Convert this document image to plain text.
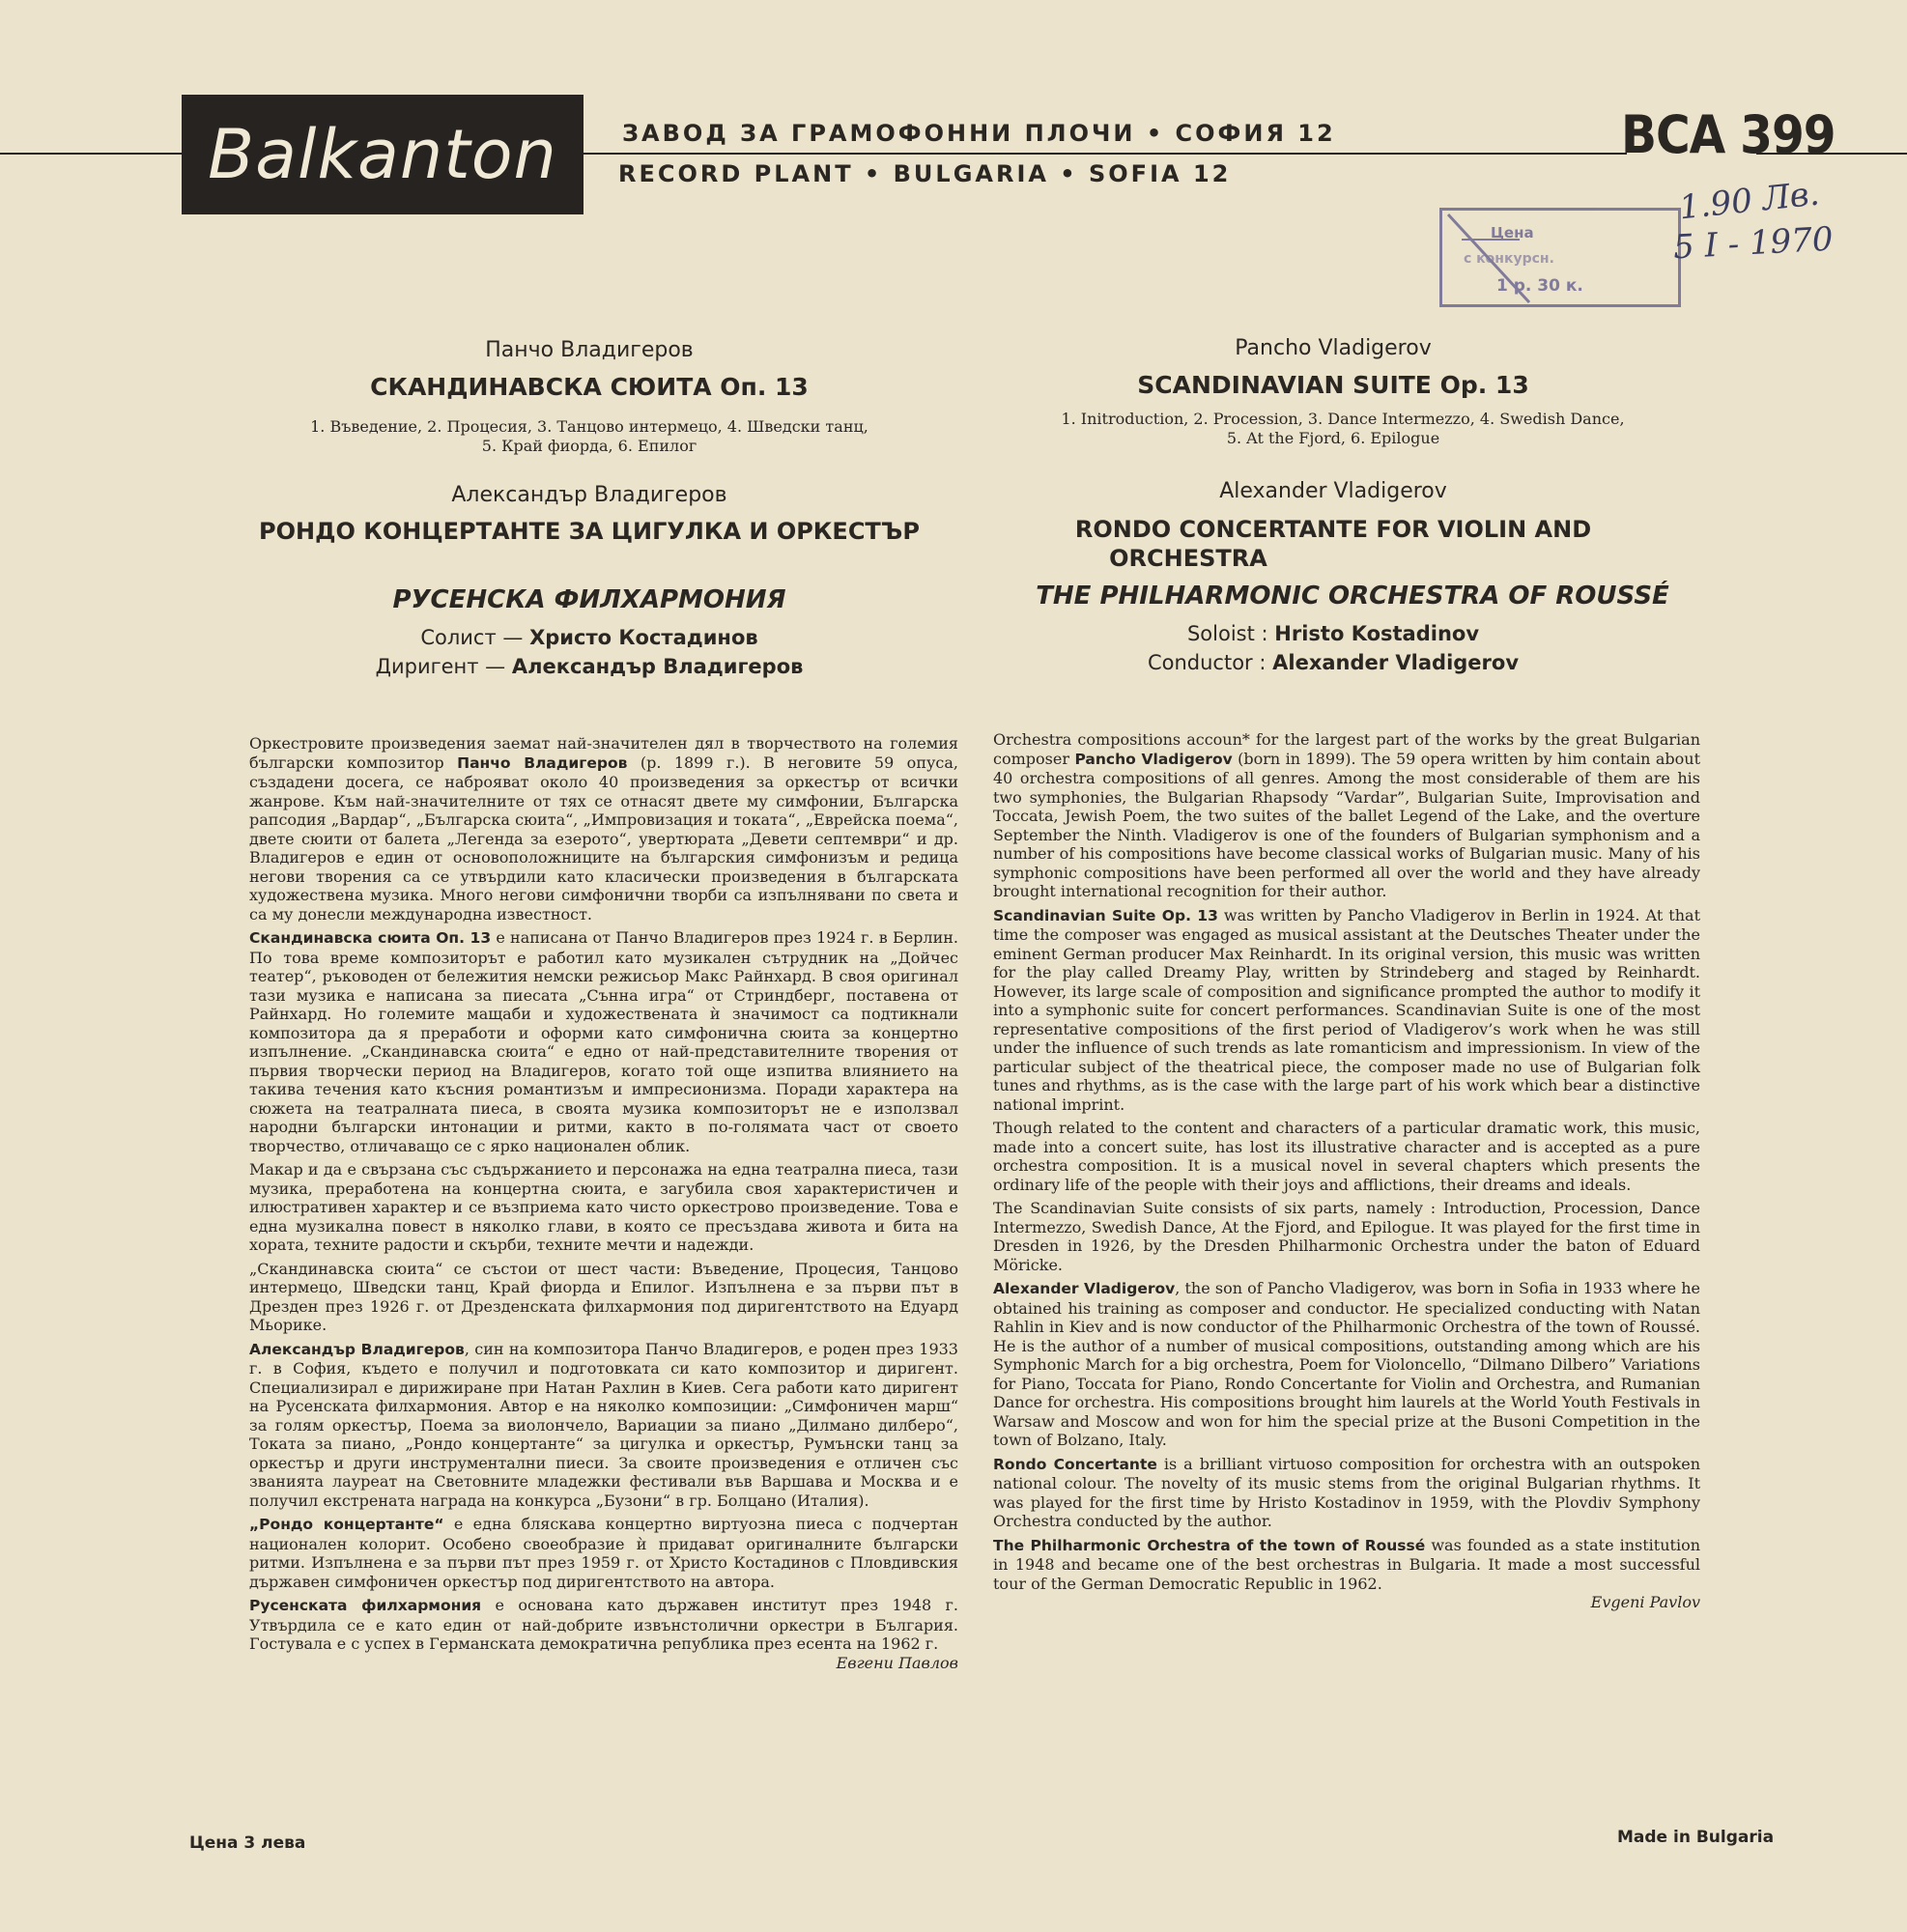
Balkanton	ЗАВОД ЗА ГРАМОФОННИ ПЛОЧИ • СОФИЯ 12
RECORD PLANT • BULGARIA • SOFIA 12
BCA 399
Цена
с конкурсн.
1 р. 30 к.
1.90 Лв.
5 I - 1970
Панчо Владигеров
СКАНДИНАВСКА СЮИТА Оп. 13
1. Въведение, 2. Процесия, 3. Танцово интермецо, 4. Шведски танц,
5. Край фиорда, 6. Епилог
Александър Владигеров
РОНДО КОНЦЕРТАНТЕ ЗА ЦИГУЛКА И ОРКЕСТЪР
РУСЕНСКА ФИЛХАРМОНИЯ
Солист — Христо Костадинов
Диригент — Александър Владигеров
Pancho Vladigerov
SCANDINAVIAN SUITE Op. 13
1. Initroduction, 2. Procession, 3. Dance Intermezzo, 4. Swedish Dance,
5. At the Fjord, 6. Epilogue
Alexander Vladigerov
RONDO CONCERTANTE FOR VIOLIN AND
ORCHESTRA
THE PHILHARMONIC ORCHESTRA OF ROUSSÉ
Soloist : Hristo Kostadinov
Conductor : Alexander Vladigerov

Оркестровите произведения заемат най-значителен дял в творчеството на големия български композитор Панчо Владигеров (р. 1899 г.). В неговите 59 опуса, създадени досега, се наброяват около 40 произведения за оркестър от всички жанрове. Към най-значителните от тях се отнасят двете му симфонии, Българска рапсодия „Вардар“, „Българска сюита“, „Импровизация и токата“, „Еврейска поема“, двете сюити от балета „Легенда за езерото“, увертюрата „Девети септември“ и др. Владигеров е един от основоположниците на българския симфонизъм и редица негови творения са се утвърдили като класически произведения в българската художествена музика. Много негови симфонични творби са изпълнявани по света и са му донесли международна известност.

Скандинавска сюита Оп. 13 е написана от Панчо Владигеров през 1924 г. в Берлин. По това време композиторът е работил като музикален сътрудник на „Дойчес театер“, ръководен от бележития немски режисьор Макс Райнхард. В своя оригинал тази музика е написана за пиесата „Сънна игра“ от Стриндберг, поставена от Райнхард. Но големите мащаби и художествената ѝ значимост са подтикнали композитора да я преработи и оформи като симфонична сюита за концертно изпълнение. „Скандинавска сюита“ е едно от най-представителните творения от първия творчески период на Владигеров, когато той още изпитва влиянието на такива течения като късния романтизъм и импресионизма. Поради характера на сюжета на театралната пиеса, в своята музика композиторът не е използвал народни български интонации и ритми, както в по-голямата част от своето творчество, отличаващо се с ярко национален облик.

Макар и да е свързана със съдържанието и персонажа на една театрална пиеса, тази музика, преработена на концертна сюита, е загубила своя характеристичен и илюстративен характер и се възприема като чисто оркестрово произведение. Това е една музикална повест в няколко глави, в която се пресъздава живота и бита на хората, техните радости и скърби, техните мечти и надежди.

„Скандинавска сюита“ се състои от шест части: Въведение, Процесия, Танцово интермецо, Шведски танц, Край фиорда и Епилог. Изпълнена е за първи път в Дрезден през 1926 г. от Дрезденската филхармония под диригентството на Едуард Мьорике.

Александър Владигеров, син на композитора Панчо Владигеров, е роден през 1933 г. в София, където е получил и подготовката си като композитор и диригент. Специализирал е дирижиране при Натан Рахлин в Киев. Сега работи като диригент на Русенската филхармония. Автор е на няколко композиции: „Симфоничен марш“ за голям оркестър, Поема за виолончело, Вариации за пиано „Дилмано дилберо“, Токата за пиано, „Рондо концертанте“ за цигулка и оркестър, Румънски танц за оркестър и други инструментални пиеси. За своите произведения е отличен със званията лауреат на Световните младежки фестивали във Варшава и Москва и е получил екстрената награда на конкурса „Бузони“ в гр. Болцано (Италия).

„Рондо концертанте“ е една бляскава концертно виртуозна пиеса с подчертан национален колорит. Особено своеобразие ѝ придават оригиналните български ритми. Изпълнена е за първи път през 1959 г. от Христо Костадинов с Пловдивския държавен симфоничен оркестър под диригентството на автора.

Русенската филхармония е основана като държавен институт през 1948 г. Утвърдила се е като един от най-добрите извънстолични оркестри в България. Гостувала е с успех в Германската демократична република през есента на 1962 г.

Евгени Павлов

Orchestra compositions accoun* for the largest part of the works by the great Bulgarian composer Pancho Vladigerov (born in 1899). The 59 opera written by him contain about 40 orchestra compositions of all genres. Among the most considerable of them are his two symphonies, the Bulgarian Rhapsody “Vardar”, Bulgarian Suite, Improvisation and Toccata, Jewish Poem, the two suites of the ballet Legend of the Lake, and the overture September the Ninth. Vladigerov is one of the founders of Bulgarian symphonism and a number of his compositions have become classical works of Bulgarian music. Many of his symphonic compositions have been performed all over the world and they have already brought international recognition for their author.

Scandinavian Suite Op. 13 was written by Pancho Vladigerov in Berlin in 1924. At that time the composer was engaged as musical assistant at the Deutsches Theater under the eminent German producer Max Reinhardt. In its original version, this music was written for the play called Dreamy Play, written by Strindeberg and staged by Reinhardt. However, its large scale of composition and significance prompted the author to modify it into a symphonic suite for concert performances. Scandinavian Suite is one of the most representative compositions of the first period of Vladigerov’s work when he was still under the influence of such trends as late romanticism and impressionism. In view of the particular subject of the theatrical piece, the composer made no use of Bulgarian folk tunes and rhythms, as is the case with the large part of his work which bear a distinctive national imprint.

Though related to the content and characters of a particular dramatic work, this music, made into a concert suite, has lost its illustrative character and is accepted as a pure orchestra composition. It is a musical novel in several chapters which presents the ordinary life of the people with their joys and afflictions, their dreams and ideals.

The Scandinavian Suite consists of six parts, namely : Introduction, Procession, Dance Intermezzo, Swedish Dance, At the Fjord, and Epilogue. It was played for the first time in Dresden in 1926, by the Dresden Philharmonic Orchestra under the baton of Eduard Möricke.

Alexander Vladigerov, the son of Pancho Vladigerov, was born in Sofia in 1933 where he obtained his training as composer and conductor. He specialized conducting with Natan Rahlin in Kiev and is now conductor of the Philharmonic Orchestra of the town of Roussé. He is the author of a number of musical compositions, outstanding among which are his Symphonic March for a big orchestra, Poem for Violoncello, “Dilmano Dilbero” Variations for Piano, Toccata for Piano, Rondo Concertante for Violin and Orchestra, and Rumanian Dance for orchestra. His compositions brought him laurels at the World Youth Festivals in Warsaw and Moscow and won for him the special prize at the Busoni Competition in the town of Bolzano, Italy.

Rondo Concertante is a brilliant virtuoso composition for orchestra with an outspoken national colour. The novelty of its music stems from the original Bulgarian rhythms. It was played for the first time by Hristo Kostadinov in 1959, with the Plovdiv Symphony Orchestra conducted by the author.

The Philharmonic Orchestra of the town of Roussé was founded as a state institution in 1948 and became one of the best orchestras in Bulgaria. It made a most successful tour of the German Democratic Republic in 1962.

Evgeni Pavlov

Цена 3 лева	Made in Bulgaria
